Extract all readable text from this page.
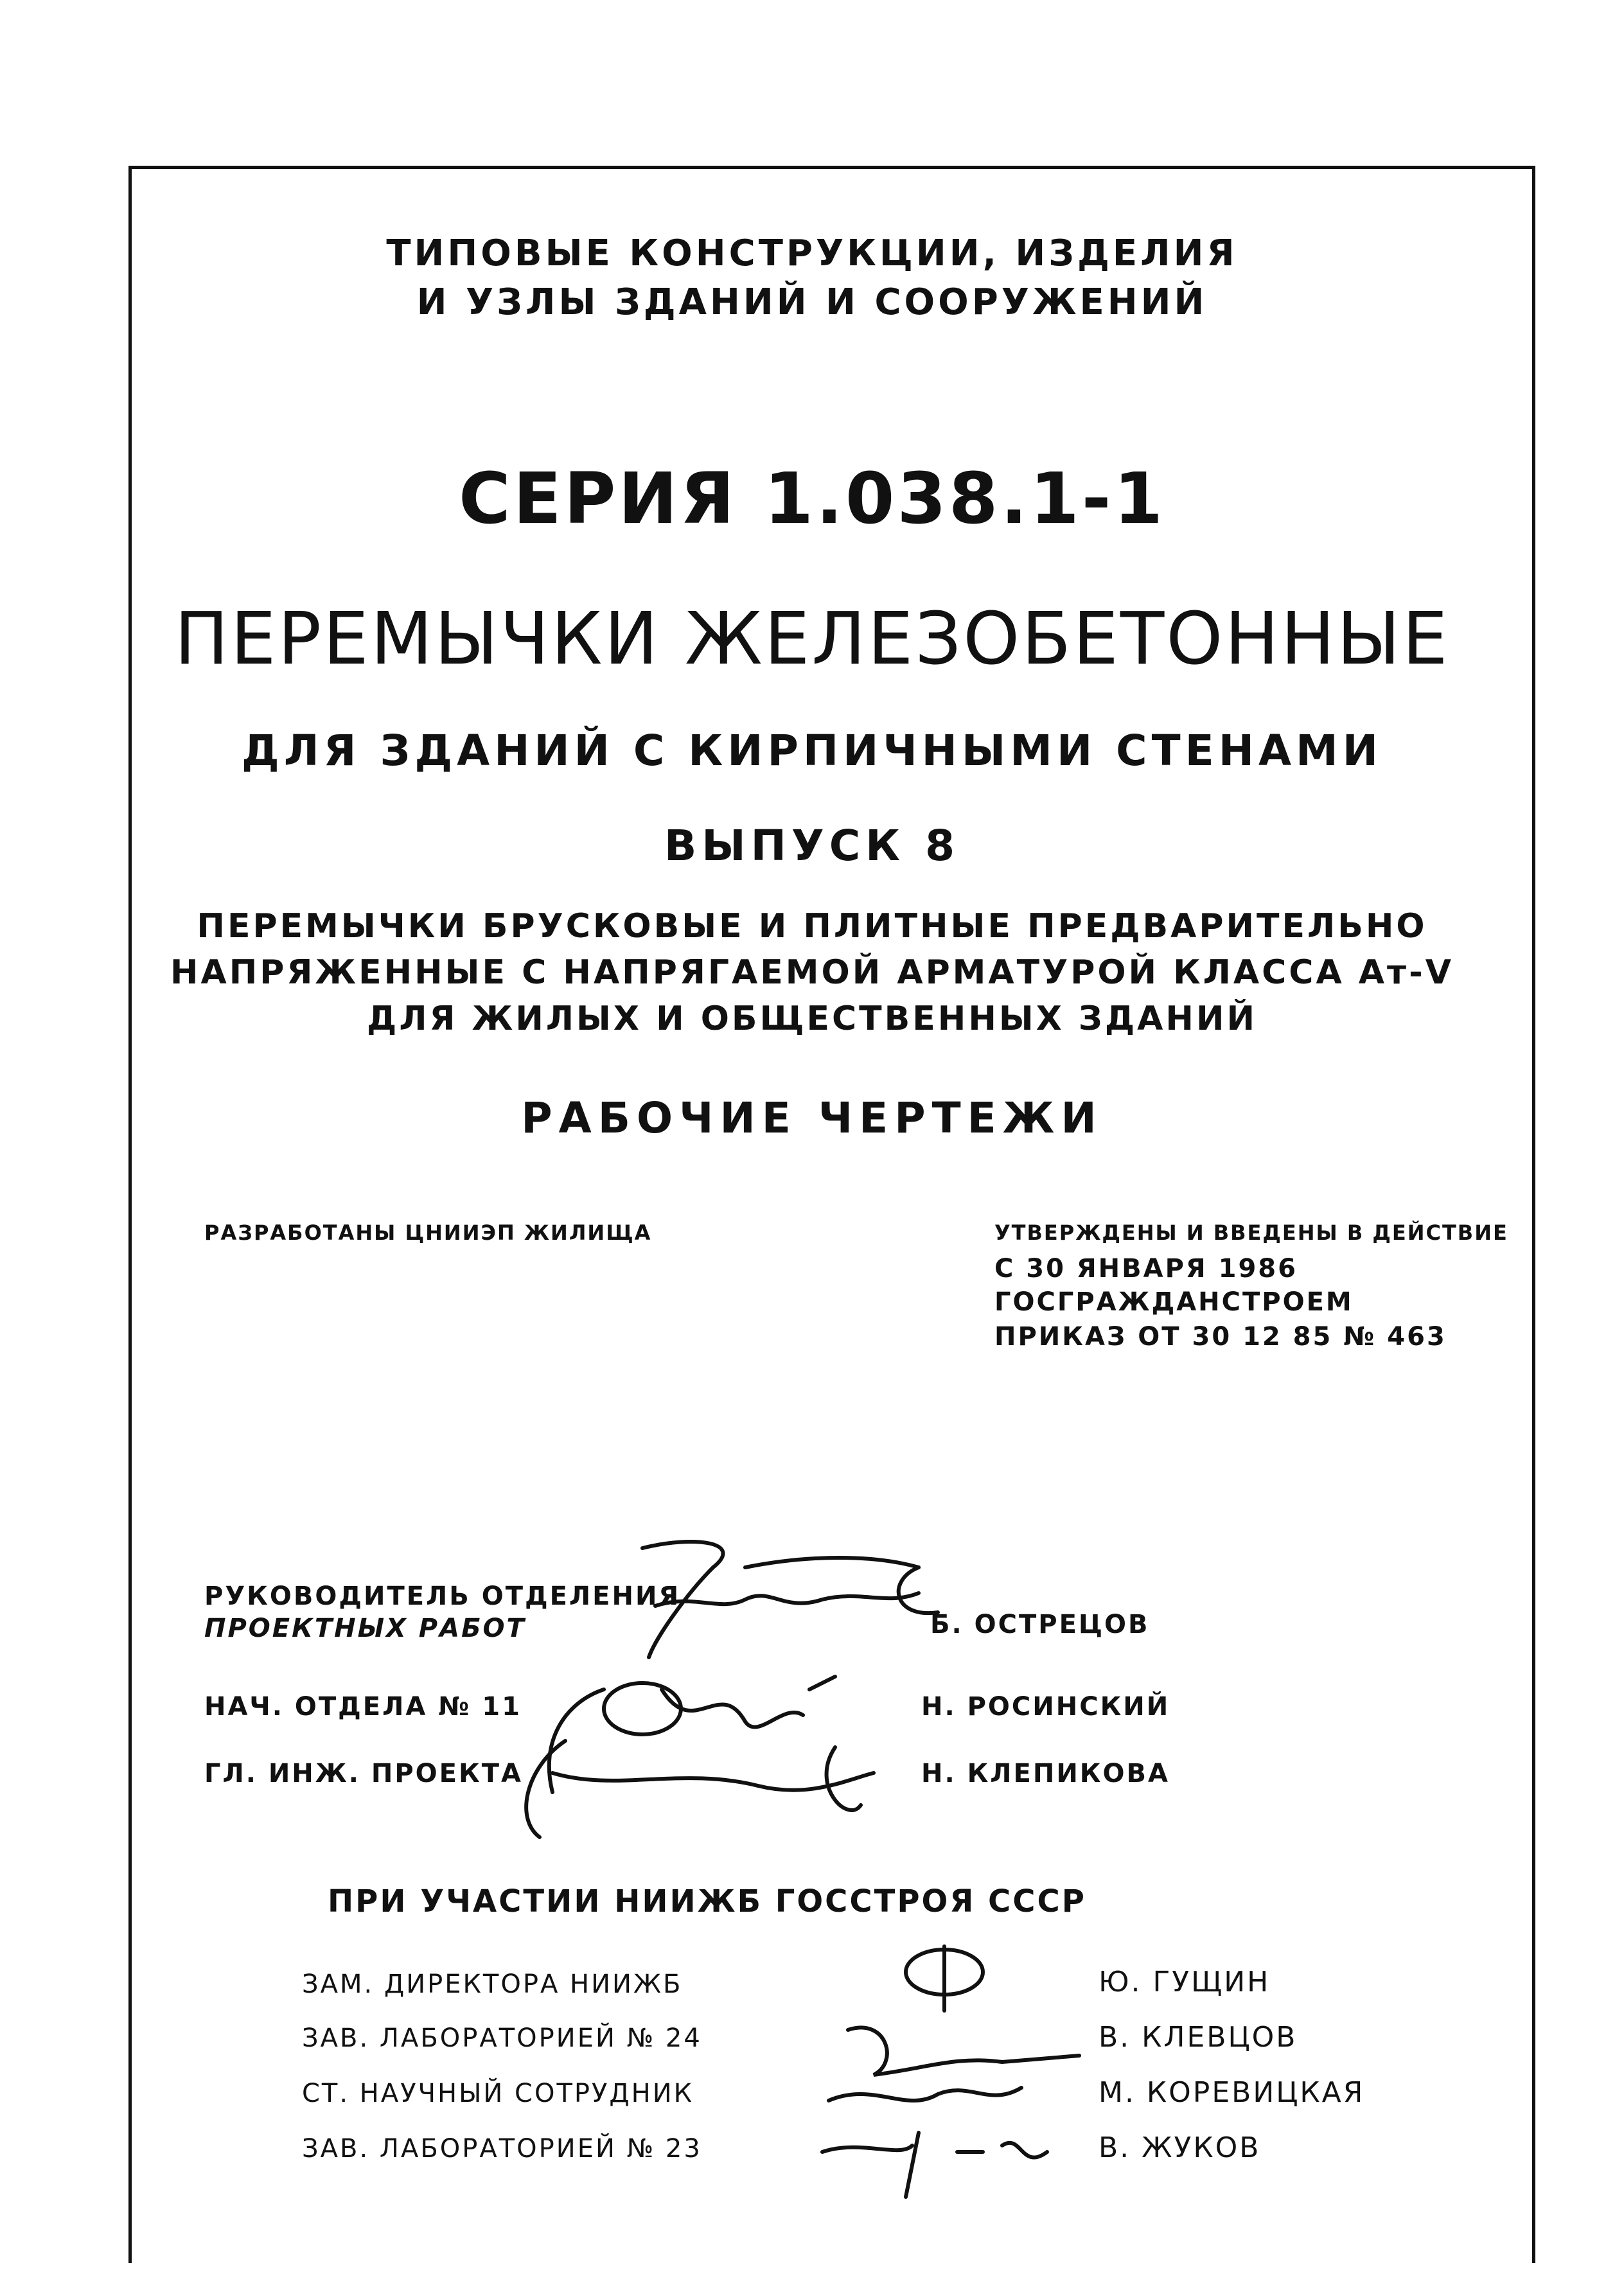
ТИПОВЫЕ КОНСТРУКЦИИ, ИЗДЕЛИЯ
И УЗЛЫ ЗДАНИЙ И СООРУЖЕНИЙ
СЕРИЯ 1.038.1-1
ПЕРЕМЫЧКИ ЖЕЛЕЗОБЕТОННЫЕ
ДЛЯ ЗДАНИЙ С КИРПИЧНЫМИ СТЕНАМИ
ВЫПУСК 8
ПЕРЕМЫЧКИ БРУСКОВЫЕ И ПЛИТНЫЕ ПРЕДВАРИТЕЛЬНО
НАПРЯЖЕННЫЕ С НАПРЯГАЕМОЙ АРМАТУРОЙ КЛАССА Ат-V
ДЛЯ ЖИЛЫХ И ОБЩЕСТВЕННЫХ ЗДАНИЙ
РАБОЧИЕ ЧЕРТЕЖИ
РАЗРАБОТАНЫ ЦНИИЭП ЖИЛИЩА	УТВЕРЖДЕНЫ И ВВЕДЕНЫ В ДЕЙСТВИЕ
С 30 ЯНВАРЯ 1986
ГОСГРАЖДАНСТРОЕМ
ПРИКАЗ ОТ 30 12 85 № 463
РУКОВОДИТЕЛЬ ОТДЕЛЕНИЯ
ПРОЕКТНЫХ РАБОТ	Б. ОСТРЕЦОВ
НАЧ. ОТДЕЛА № 11	Н. РОСИНСКИЙ
ГЛ. ИНЖ. ПРОЕКТА	Н. КЛЕПИКОВА
ПРИ УЧАСТИИ НИИЖБ ГОССТРОЯ СССР
ЗАМ. ДИРЕКТОРА НИИЖБ	Ю. ГУЩИН
ЗАВ. ЛАБОРАТОРИЕЙ № 24	В. КЛЕВЦОВ
СТ. НАУЧНЫЙ СОТРУДНИК	М. КОРЕВИЦКАЯ
ЗАВ. ЛАБОРАТОРИЕЙ № 23	В. ЖУКОВ
